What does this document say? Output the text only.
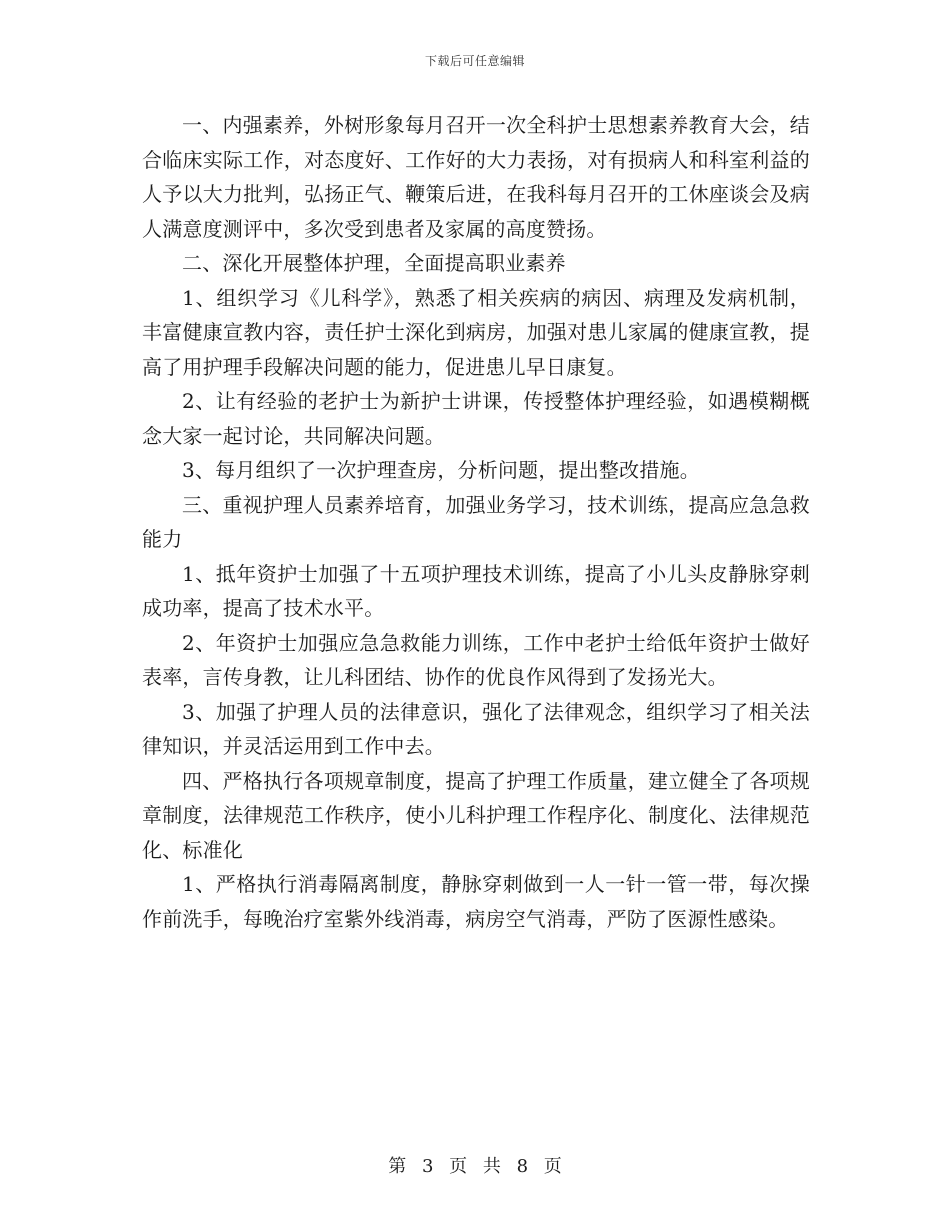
下载后可任意编辑

一、内强素养，外树形象每月召开一次全科护士思想素养教育大会，结合临床实际工作，对态度好、工作好的大力表扬，对有损病人和科室利益的人予以大力批判，弘扬正气、鞭策后进，在我科每月召开的工休座谈会及病人满意度测评中，多次受到患者及家属的高度赞扬。

二、深化开展整体护理，全面提高职业素养

1、组织学习《儿科学》，熟悉了相关疾病的病因、病理及发病机制，丰富健康宣教内容，责任护士深化到病房，加强对患儿家属的健康宣教，提高了用护理手段解决问题的能力，促进患儿早日康复。

2、让有经验的老护士为新护士讲课，传授整体护理经验，如遇模糊概念大家一起讨论，共同解决问题。

3、每月组织了一次护理查房，分析问题，提出整改措施。

三、重视护理人员素养培育，加强业务学习，技术训练，提高应急急救能力

1、抵年资护士加强了十五项护理技术训练，提高了小儿头皮静脉穿刺成功率，提高了技术水平。

2、年资护士加强应急急救能力训练，工作中老护士给低年资护士做好表率，言传身教，让儿科团结、协作的优良作风得到了发扬光大。

3、加强了护理人员的法律意识，强化了法律观念，组织学习了相关法律知识，并灵活运用到工作中去。

四、严格执行各项规章制度，提高了护理工作质量，建立健全了各项规章制度，法律规范工作秩序，使小儿科护理工作程序化、制度化、法律规范化、标准化

1、严格执行消毒隔离制度，静脉穿刺做到一人一针一管一带，每次操作前洗手，每晚治疗室紫外线消毒，病房空气消毒，严防了医源性感染。

第 3 页 共 8 页
